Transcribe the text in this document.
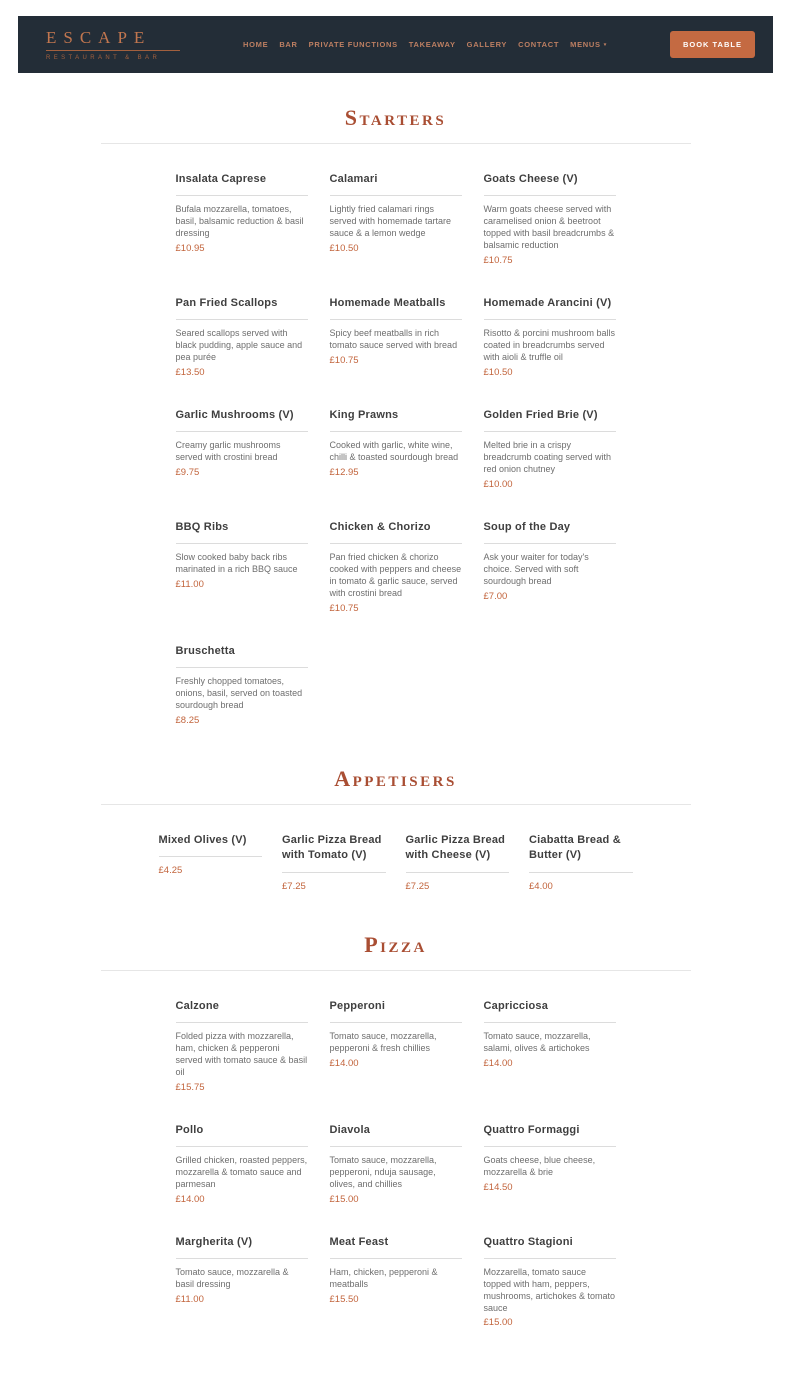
ESCAPE
RESTAURANT & BAR
HOME BAR PRIVATE FUNCTIONS TAKEAWAY GALLERY CONTACT MENUS ▾	BOOK TABLE
Starters
Insalata Caprese

Bufala mozzarella, tomatoes, basil, balsamic reduction & basil dressing

£10.95
Calamari

Lightly fried calamari rings served with homemade tartare sauce & a lemon wedge

£10.50
Goats Cheese (V)

Warm goats cheese served with caramelised onion & beetroot topped with basil breadcrumbs & balsamic reduction

£10.75
Pan Fried Scallops

Seared scallops served with black pudding, apple sauce and pea purée

£13.50
Homemade Meatballs

Spicy beef meatballs in rich tomato sauce served with bread

£10.75
Homemade Arancini (V)

Risotto & porcini mushroom balls coated in breadcrumbs served with aioli & truffle oil

£10.50
Garlic Mushrooms (V)

Creamy garlic mushrooms served with crostini bread

£9.75
King Prawns

Cooked with garlic, white wine, chilli & toasted sourdough bread

£12.95
Golden Fried Brie (V)

Melted brie in a crispy breadcrumb coating served with red onion chutney

£10.00
BBQ Ribs

Slow cooked baby back ribs marinated in a rich BBQ sauce

£11.00
Chicken & Chorizo

Pan fried chicken & chorizo cooked with peppers and cheese in tomato & garlic sauce, served with crostini bread

£10.75
Soup of the Day

Ask your waiter for today's choice. Served with soft sourdough bread

£7.00
Bruschetta

Freshly chopped tomatoes, onions, basil, served on toasted sourdough bread

£8.25
Appetisers
Mixed Olives (V)
£4.25
Garlic Pizza Bread with Tomato (V)
£7.25
Garlic Pizza Bread with Cheese (V)
£7.25
Ciabatta Bread & Butter (V)
£4.00
Pizza
Calzone

Folded pizza with mozzarella, ham, chicken & pepperoni served with tomato sauce & basil oil

£15.75
Pepperoni

Tomato sauce, mozzarella, pepperoni & fresh chillies

£14.00
Capricciosa

Tomato sauce, mozzarella, salami, olives & artichokes

£14.00
Pollo

Grilled chicken, roasted peppers, mozzarella & tomato sauce and parmesan

£14.00
Diavola

Tomato sauce, mozzarella, pepperoni, nduja sausage, olives, and chillies

£15.00
Quattro Formaggi

Goats cheese, blue cheese, mozzarella & brie

£14.50
Margherita (V)

Tomato sauce, mozzarella & basil dressing

£11.00
Meat Feast

Ham, chicken, pepperoni & meatballs

£15.50
Quattro Stagioni

Mozzarella, tomato sauce topped with ham, peppers, mushrooms, artichokes & tomato sauce

£15.00
